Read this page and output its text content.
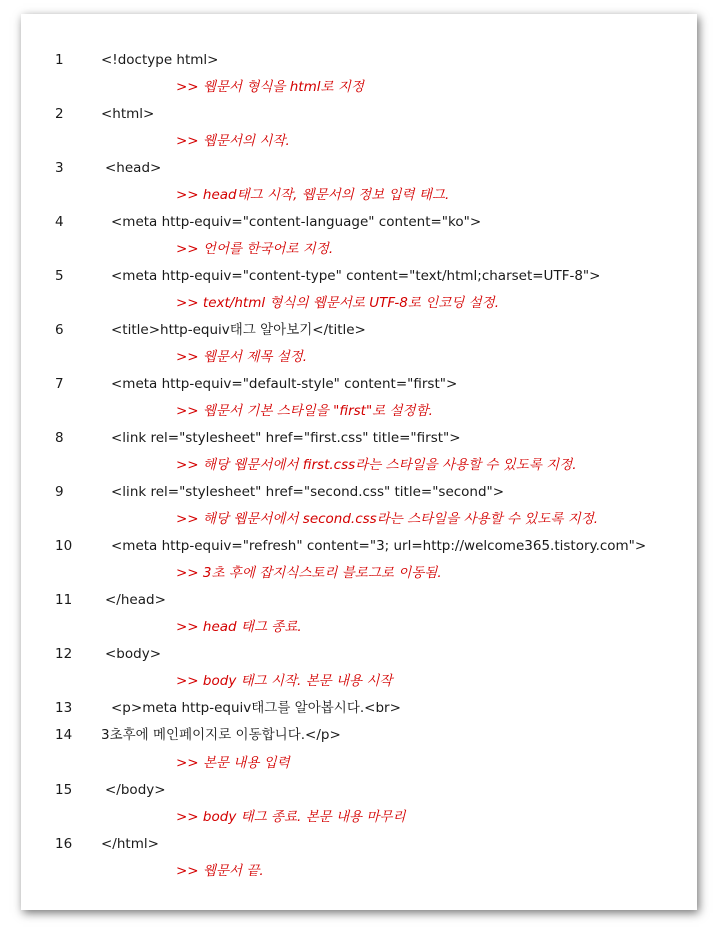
1	<!doctype html>
>> 웹문서 형식을 html로 지정
2	<html>
>> 웹문서의 시작.
3	<head>
>> head태그 시작, 웹문서의 정보 입력 태그.
4	<meta http-equiv="content-language" content="ko">
>> 언어를 한국어로 지정.
5	<meta http-equiv="content-type" content="text/html;charset=UTF-8">
>> text/html 형식의 웹문서로 UTF-8로 인코딩 설정.
6	<title>http-equiv태그 알아보기</title>
>> 웹문서 제목 설정.
7	<meta http-equiv="default-style" content="first">
>> 웹문서 기본 스타일을 "first"로 설정함.
8	<link rel="stylesheet" href="first.css" title="first">
>> 해당 웹문서에서 first.css라는 스타일을 사용할 수 있도록 지정.
9	<link rel="stylesheet" href="second.css" title="second">
>> 해당 웹문서에서 second.css라는 스타일을 사용할 수 있도록 지정.
10	<meta http-equiv="refresh" content="3; url=http://welcome365.tistory.com">
>> 3초 후에 잡지식스토리 블로그로 이동됨.
11	</head>
>> head 태그 종료.
12	<body>
>> body 태그 시작. 본문 내용 시작
13	<p>meta http-equiv태그를 알아봅시다.<br>
14	3초후에 메인페이지로 이동합니다.</p>
>> 본문 내용 입력
15	</body>
>> body 태그 종료. 본문 내용 마무리
16	</html>
>> 웹문서 끝.
